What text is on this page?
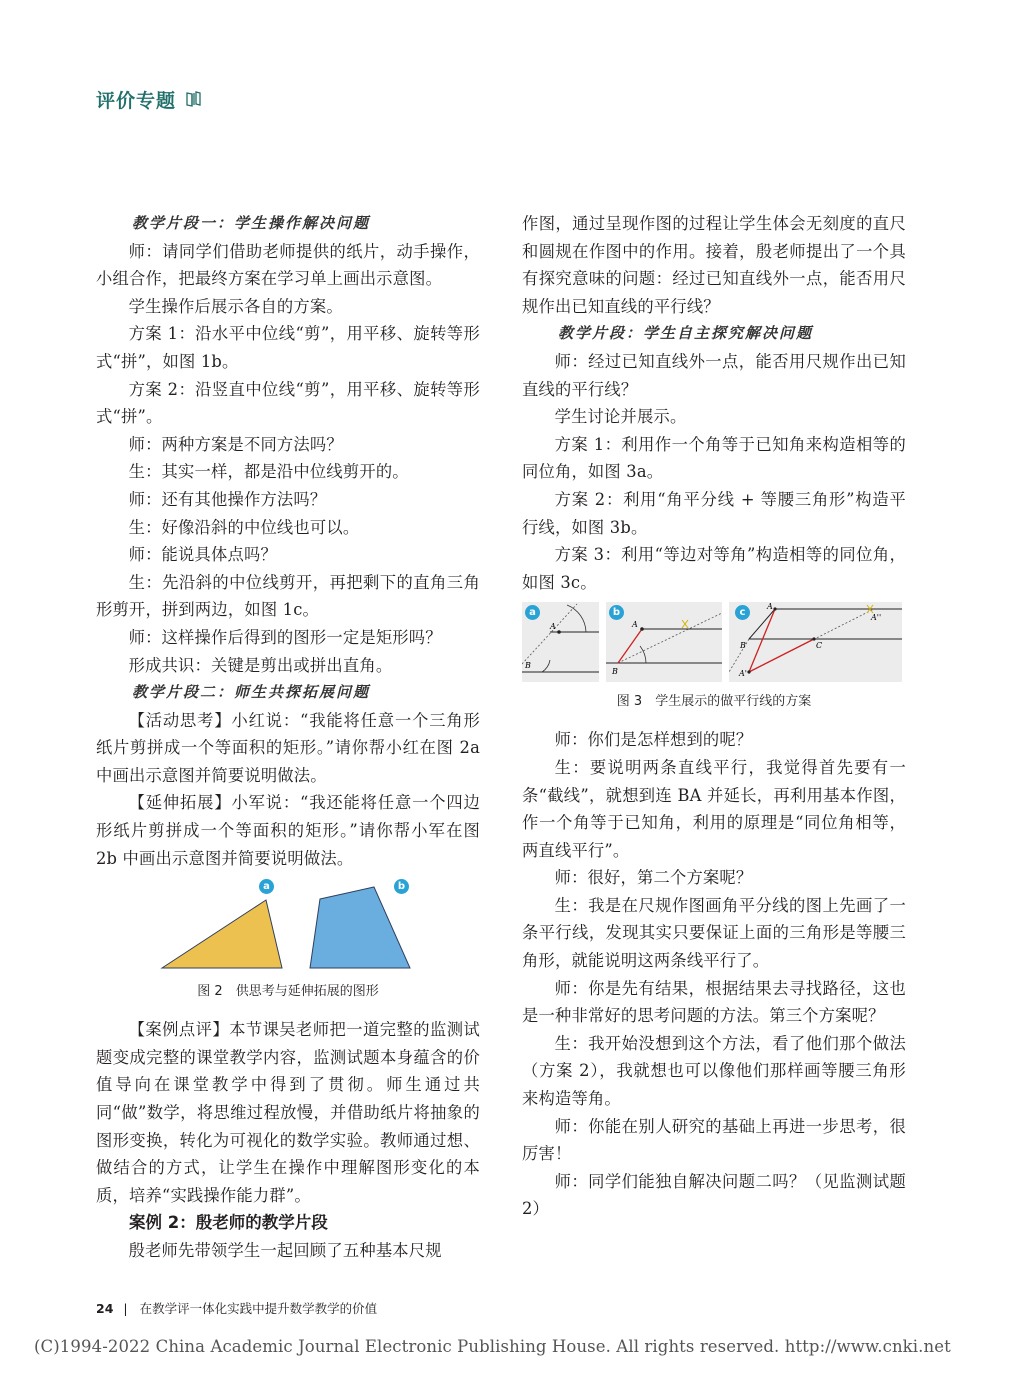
评价专题

教学片段一：学生操作解决问题

师：请同学们借助老师提供的纸片，动手操作，小组合作，把最终方案在学习单上画出示意图。

学生操作后展示各自的方案。

方案 1：沿水平中位线“剪”，用平移、旋转等形式“拼”，如图 1b。

方案 2：沿竖直中位线“剪”，用平移、旋转等形式“拼”。

师：两种方案是不同方法吗？

生：其实一样，都是沿中位线剪开的。

师：还有其他操作方法吗？

生：好像沿斜的中位线也可以。

师：能说具体点吗？

生：先沿斜的中位线剪开，再把剩下的直角三角形剪开，拼到两边，如图 1c。

师：这样操作后得到的图形一定是矩形吗？

形成共识：关键是剪出或拼出直角。

教学片段二：师生共探拓展问题

【活动思考】小红说：“我能将任意一个三角形纸片剪拼成一个等面积的矩形。”请你帮小红在图 2a 中画出示意图并简要说明做法。

【延伸拓展】小军说：“我还能将任意一个四边形纸片剪拼成一个等面积的矩形。”请你帮小军在图 2b 中画出示意图并简要说明做法。

a	b

图 2　供思考与延伸拓展的图形

【案例点评】本节课吴老师把一道完整的监测试题变成完整的课堂教学内容，监测试题本身蕴含的价值导向在课堂教学中得到了贯彻。师生通过共同“做”数学，将思维过程放慢，并借助纸片将抽象的图形变换，转化为可视化的数学实验。教师通过想、做结合的方式，让学生在操作中理解图形变化的本质，培养“实践操作能力群”。

案例 2：殷老师的教学片段

殷老师先带领学生一起回顾了五种基本尺规

作图，通过呈现作图的过程让学生体会无刻度的直尺和圆规在作图中的作用。接着，殷老师提出了一个具有探究意味的问题：经过已知直线外一点，能否用尺规作出已知直线的平行线？

教学片段：学生自主探究解决问题

师：经过已知直线外一点，能否用尺规作出已知直线的平行线？

学生讨论并展示。

方案 1：利用作一个角等于已知角来构造相等的同位角，如图 3a。

方案 2：利用“角平分线 + 等腰三角形”构造平行线，如图 3b。

方案 3：利用“等边对等角”构造相等的同位角，如图 3c。

A
B
a
A
B
b
A
B	C
A'
A''
c

图 3　学生展示的做平行线的方案

师：你们是怎样想到的呢？

生：要说明两条直线平行，我觉得首先要有一条“截线”，就想到连 BA 并延长，再利用基本作图，作一个角等于已知角，利用的原理是“同位角相等，两直线平行”。

师：很好，第二个方案呢？

生：我是在尺规作图画角平分线的图上先画了一条平行线，发现其实只要保证上面的三角形是等腰三角形，就能说明这两条线平行了。

师：你是先有结果，根据结果去寻找路径，这也是一种非常好的思考问题的方法。第三个方案呢？

生：我开始没想到这个方法，看了他们那个做法（方案 2），我就想也可以像他们那样画等腰三角形来构造等角。

师：你能在别人研究的基础上再进一步思考，很厉害！

师：同学们能独自解决问题二吗？（见监测试题 2）

24 | 在教学评一体化实践中提升数学教学的价值
(C)1994-2022 China Academic Journal Electronic Publishing House. All rights reserved. http://www.cnki.net
